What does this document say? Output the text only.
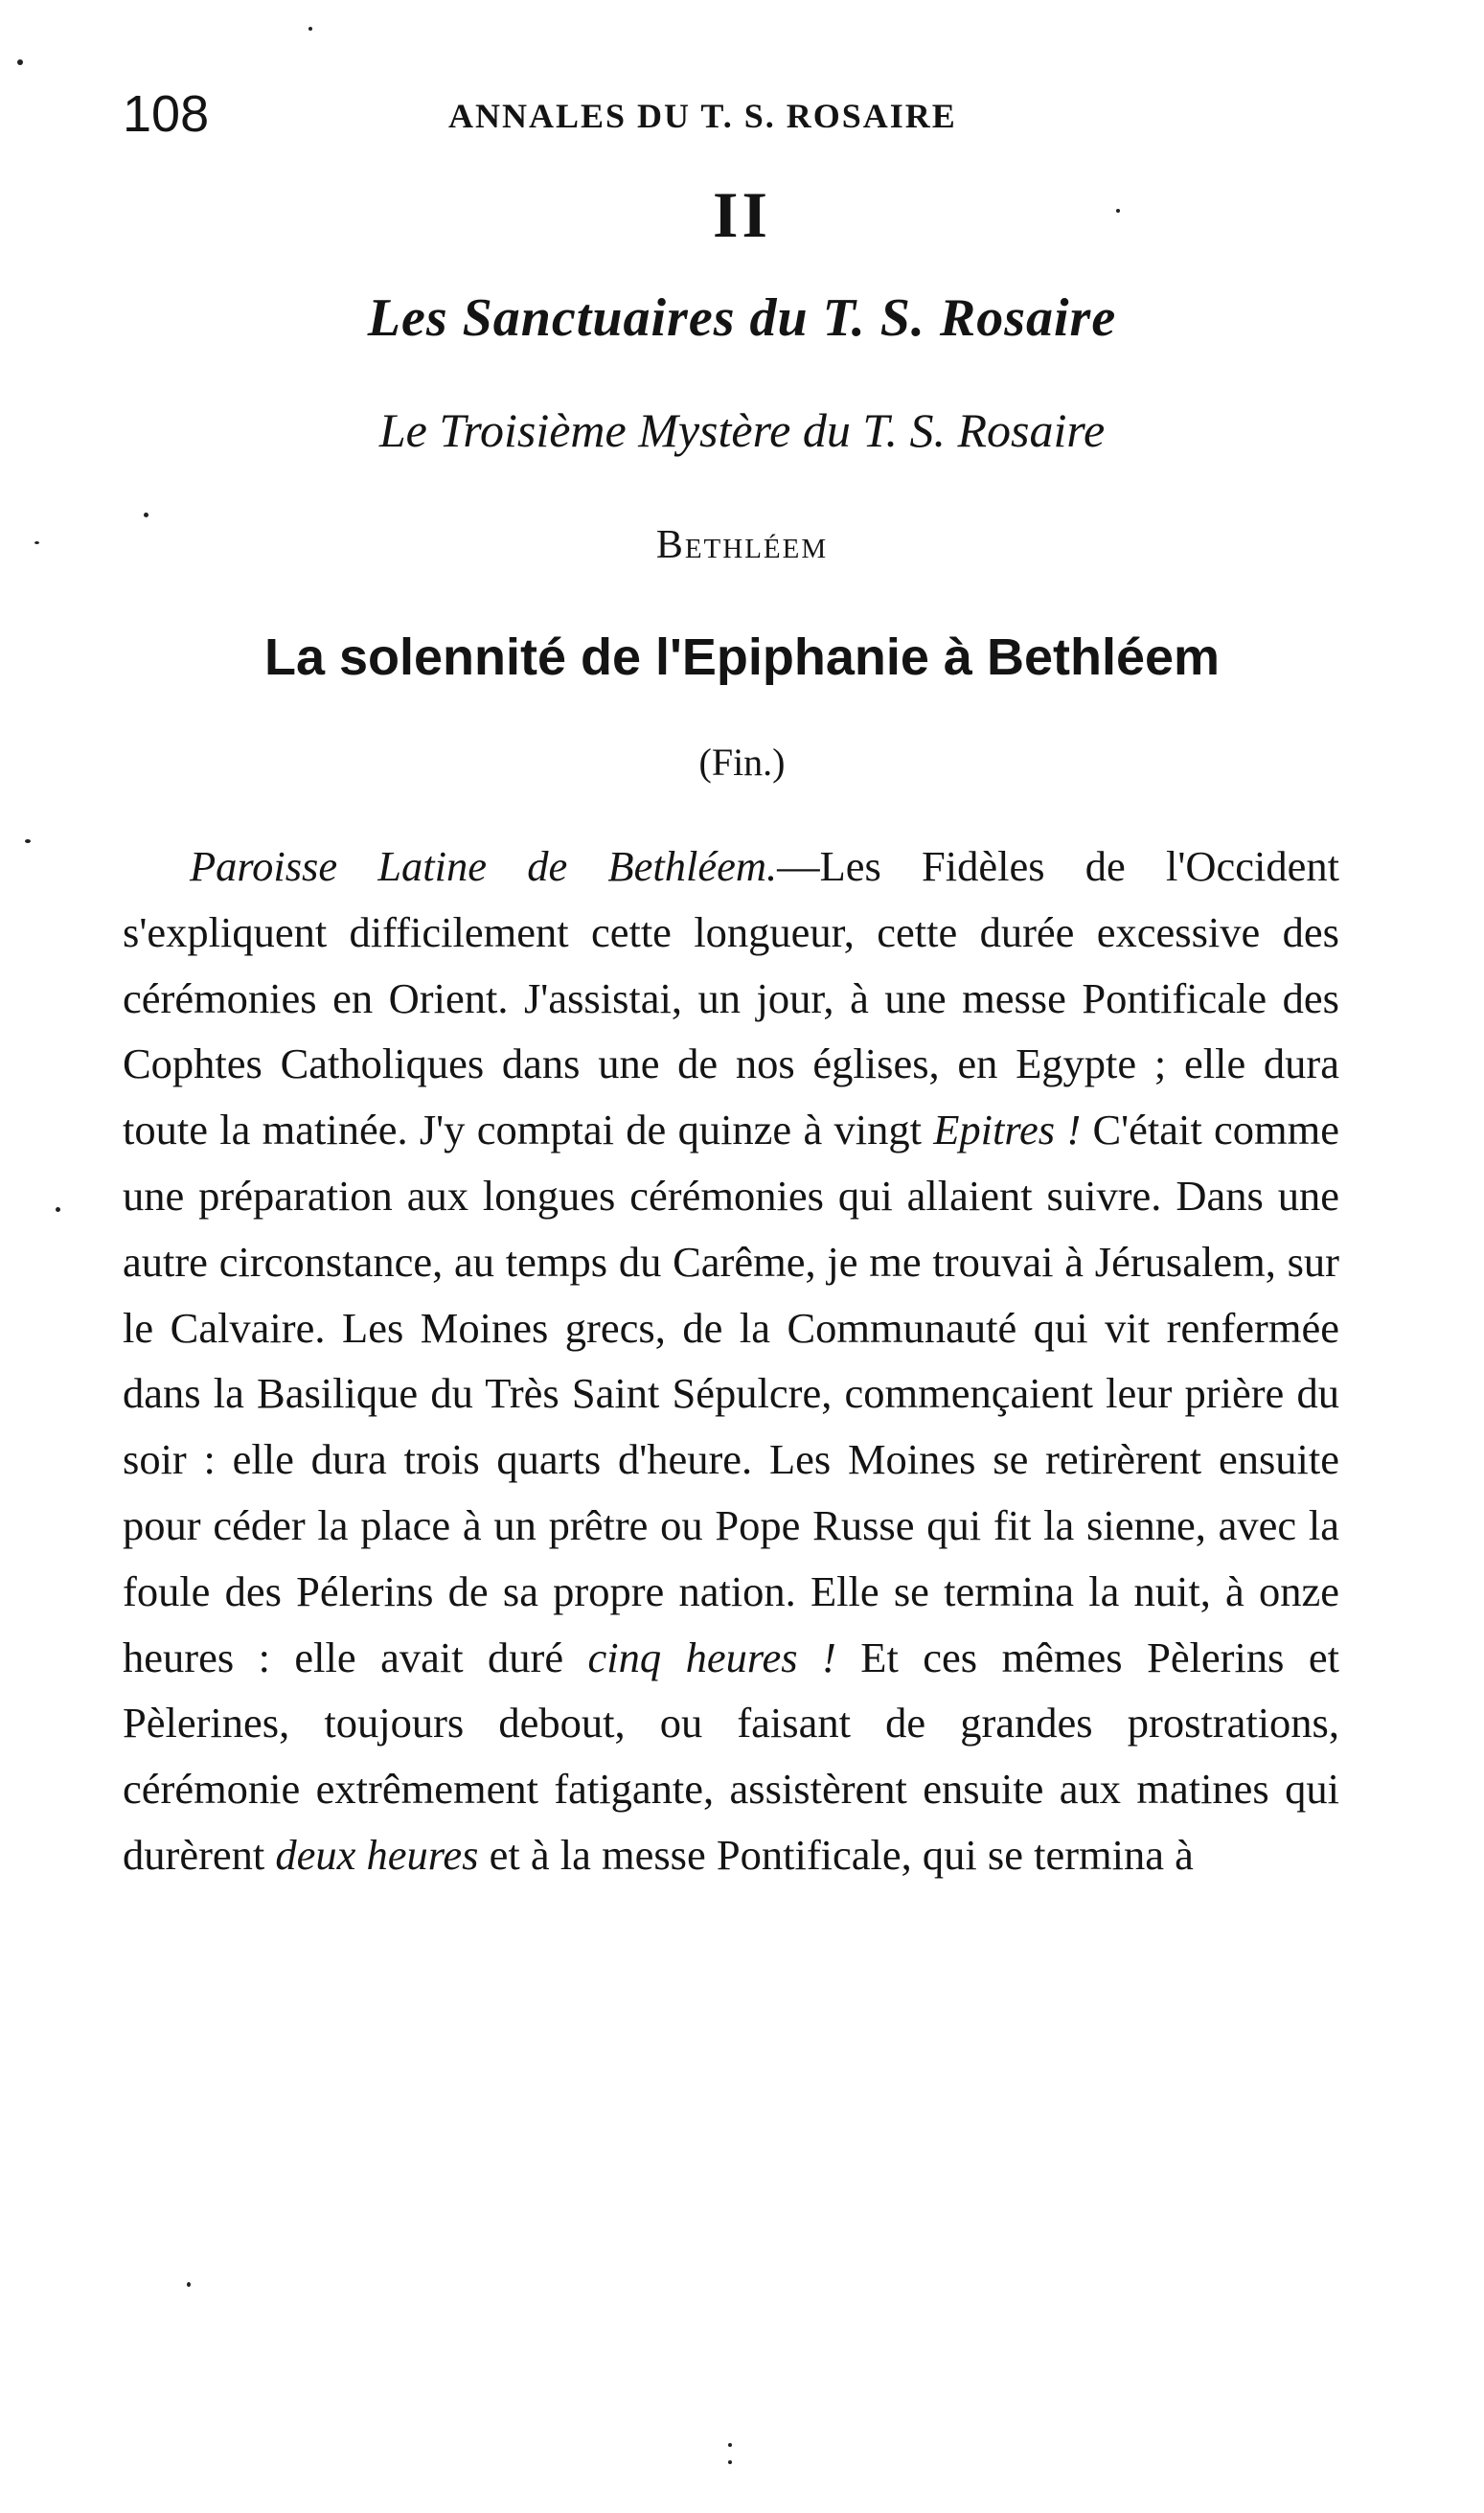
108	ANNALES DU T. S. ROSAIRE
II
Les Sanctuaires du T. S. Rosaire
Le Troisième Mystère du T. S. Rosaire
Bethléem
La solennité de l'Epiphanie à Bethléem
(Fin.)

Paroisse Latine de Bethléem.—Les Fidèles de l'Occident s'expliquent difficilement cette longueur, cette durée excessive des cérémonies en Orient. J'assistai, un jour, à une messe Pontificale des Cophtes Catholiques dans une de nos églises, en Egypte ; elle dura toute la matinée. J'y comptai de quinze à vingt Epitres ! C'était comme une préparation aux longues cérémonies qui allaient suivre. Dans une autre circonstance, au temps du Carême, je me trouvai à Jérusalem, sur le Calvaire. Les Moines grecs, de la Communauté qui vit renfermée dans la Basilique du Très Saint Sépulcre, commençaient leur prière du soir : elle dura trois quarts d'heure. Les Moines se retirèrent ensuite pour céder la place à un prêtre ou Pope Russe qui fit la sienne, avec la foule des Pélerins de sa propre nation. Elle se termina la nuit, à onze heures : elle avait duré cinq heures ! Et ces mêmes Pèlerins et Pèlerines, toujours debout, ou faisant de grandes prostrations, cérémonie extrêmement fatigante, assistèrent ensuite aux matines qui durèrent deux heures et à la messe Pontificale, qui se termina à
